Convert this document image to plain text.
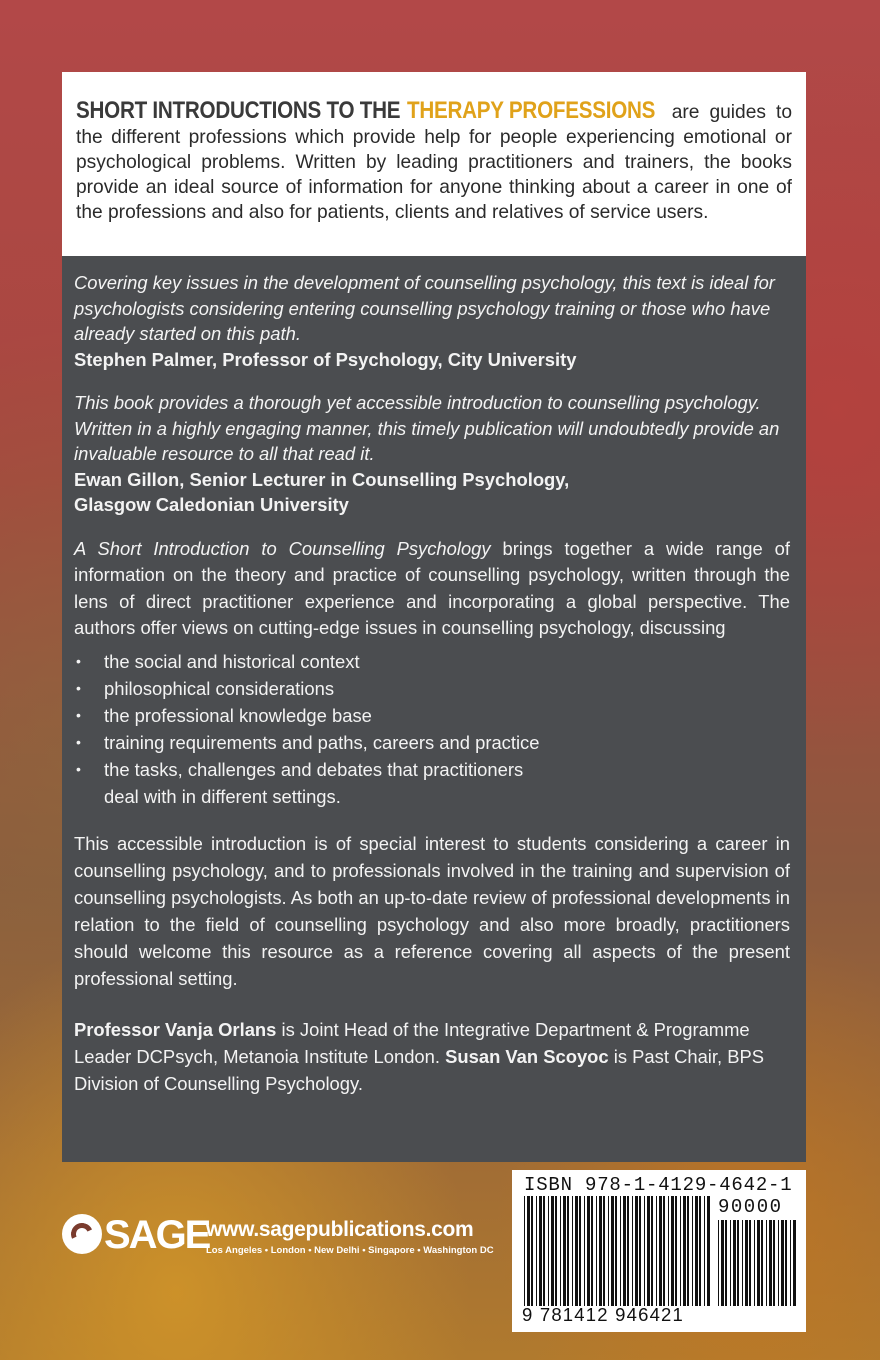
SHORT INTRODUCTIONS TO THE THERAPY PROFESSIONS are guides to the different professions which provide help for people experiencing emotional or psychological problems. Written by leading practitioners and trainers, the books provide an ideal source of information for anyone thinking about a career in one of the professions and also for patients, clients and relatives of service users.

Covering key issues in the development of counselling psychology, this text is ideal for psychologists considering entering counselling psychology training or those who have already started on this path.
Stephen Palmer, Professor of Psychology, City University

This book provides a thorough yet accessible introduction to counselling psychology. Written in a highly engaging manner, this timely publication will undoubtedly provide an invaluable resource to all that read it.
Ewan Gillon, Senior Lecturer in Counselling Psychology,
Glasgow Caledonian University

A Short Introduction to Counselling Psychology brings together a wide range of information on the theory and practice of counselling psychology, written through the lens of direct practitioner experience and incorporating a global perspective. The authors offer views on cutting-edge issues in counselling psychology, discussing

• the social and historical context
• philosophical considerations
• the professional knowledge base
• training requirements and paths, careers and practice
• the tasks, challenges and debates that practitioners deal with in different settings.

This accessible introduction is of special interest to students considering a career in counselling psychology, and to professionals involved in the training and supervision of counselling psychologists. As both an up-to-date review of professional developments in relation to the field of counselling psychology and also more broadly, practitioners should welcome this resource as a reference covering all aspects of the present professional setting.

Professor Vanja Orlans is Joint Head of the Integrative Department & Programme Leader DCPsych, Metanoia Institute London. Susan Van Scoyoc is Past Chair, BPS Division of Counselling Psychology.

SAGE
www.sagepublications.com
Los Angeles • London • New Delhi • Singapore • Washington DC
ISBN 978-1-4129-4642-1
90000
9 781412 946421
